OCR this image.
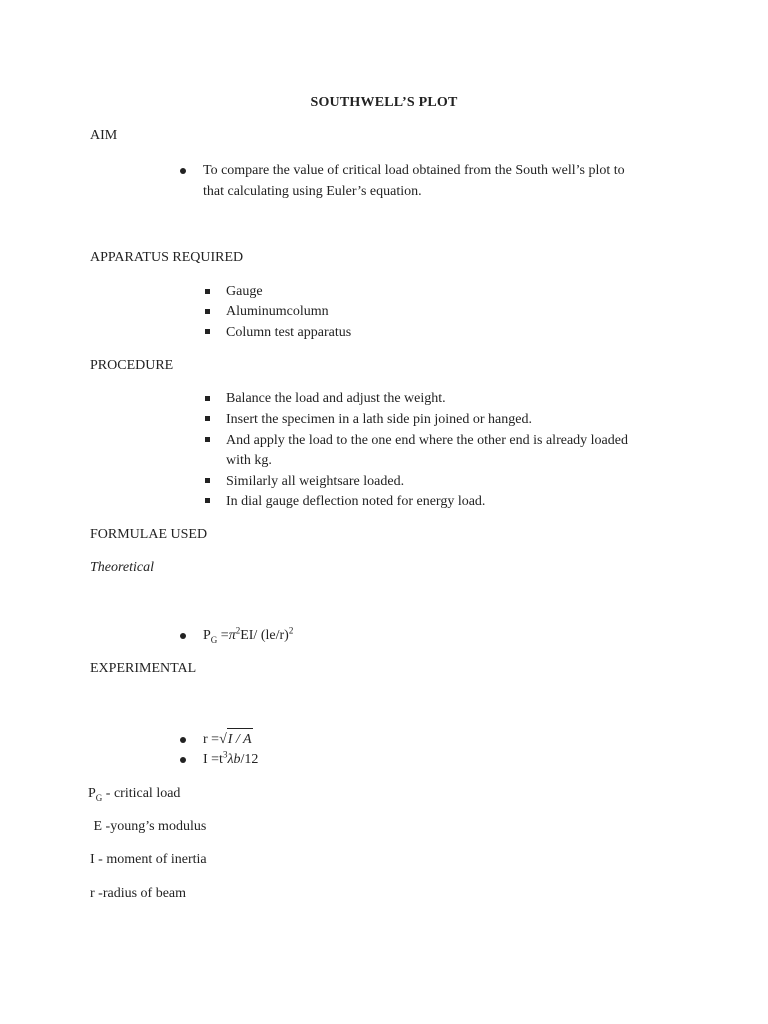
SOUTHWELL’S PLOT
AIM
To compare the value of critical load obtained from the South well’s plot to
that calculating using Euler’s equation.
APPARATUS REQUIRED
Gauge
Aluminumcolumn
Column test apparatus
PROCEDURE
Balance the load and adjust the weight.
Insert the specimen in a lath side pin joined or hanged.
And apply the load to the one end where the other end is already loaded
with kg.
Similarly all weightsare loaded.
In dial gauge deflection noted for energy load.
FORMULAE USED
Theoretical
$P_G =\pi^2EI/$ $(le/r)^2$
EXPERIMENTAL
r =√I / A
$I =t^3\lambda b/12$
$P_G$ - critical load
E -young’s modulus
I - moment of inertia
r -radius of beam
